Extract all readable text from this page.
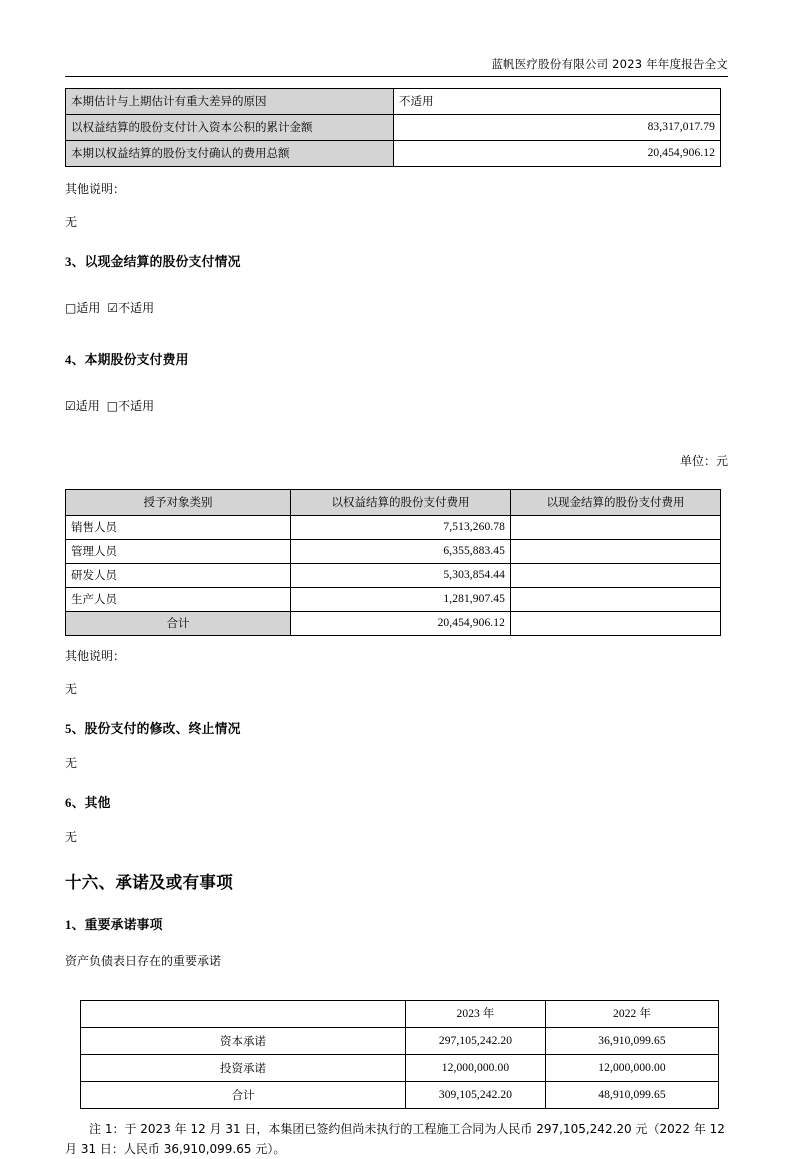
蓝帆医疗股份有限公司 2023 年年度报告全文
本期估计与上期估计有重大差异的原因	不适用
以权益结算的股份支付计入资本公积的累计金额	83,317,017.79
本期以权益结算的股份支付确认的费用总额	20,454,906.12

其他说明：

无

3、以现金结算的股份支付情况

□适用 ☑不适用

4、本期股份支付费用

☑适用 □不适用

单位：元

授予对象类别	以权益结算的股份支付费用	以现金结算的股份支付费用
销售人员	7,513,260.78	
管理人员	6,355,883.45	
研发人员	5,303,854.44	
生产人员	1,281,907.45	
合计	20,454,906.12	

其他说明：

无

5、股份支付的修改、终止情况

无

6、其他

无

十六、承诺及或有事项
1、重要承诺事项

资产负债表日存在的重要承诺

	2023 年	2022 年
资本承诺	297,105,242.20	36,910,099.65
投资承诺	12,000,000.00	12,000,000.00
合计	309,105,242.20	48,910,099.65

注 1：于 2023 年 12 月 31 日，本集团已签约但尚未执行的工程施工合同为人民币 297,105,242.20 元（2022 年 12 月 31 日：人民币 36,910,099.65 元）。
